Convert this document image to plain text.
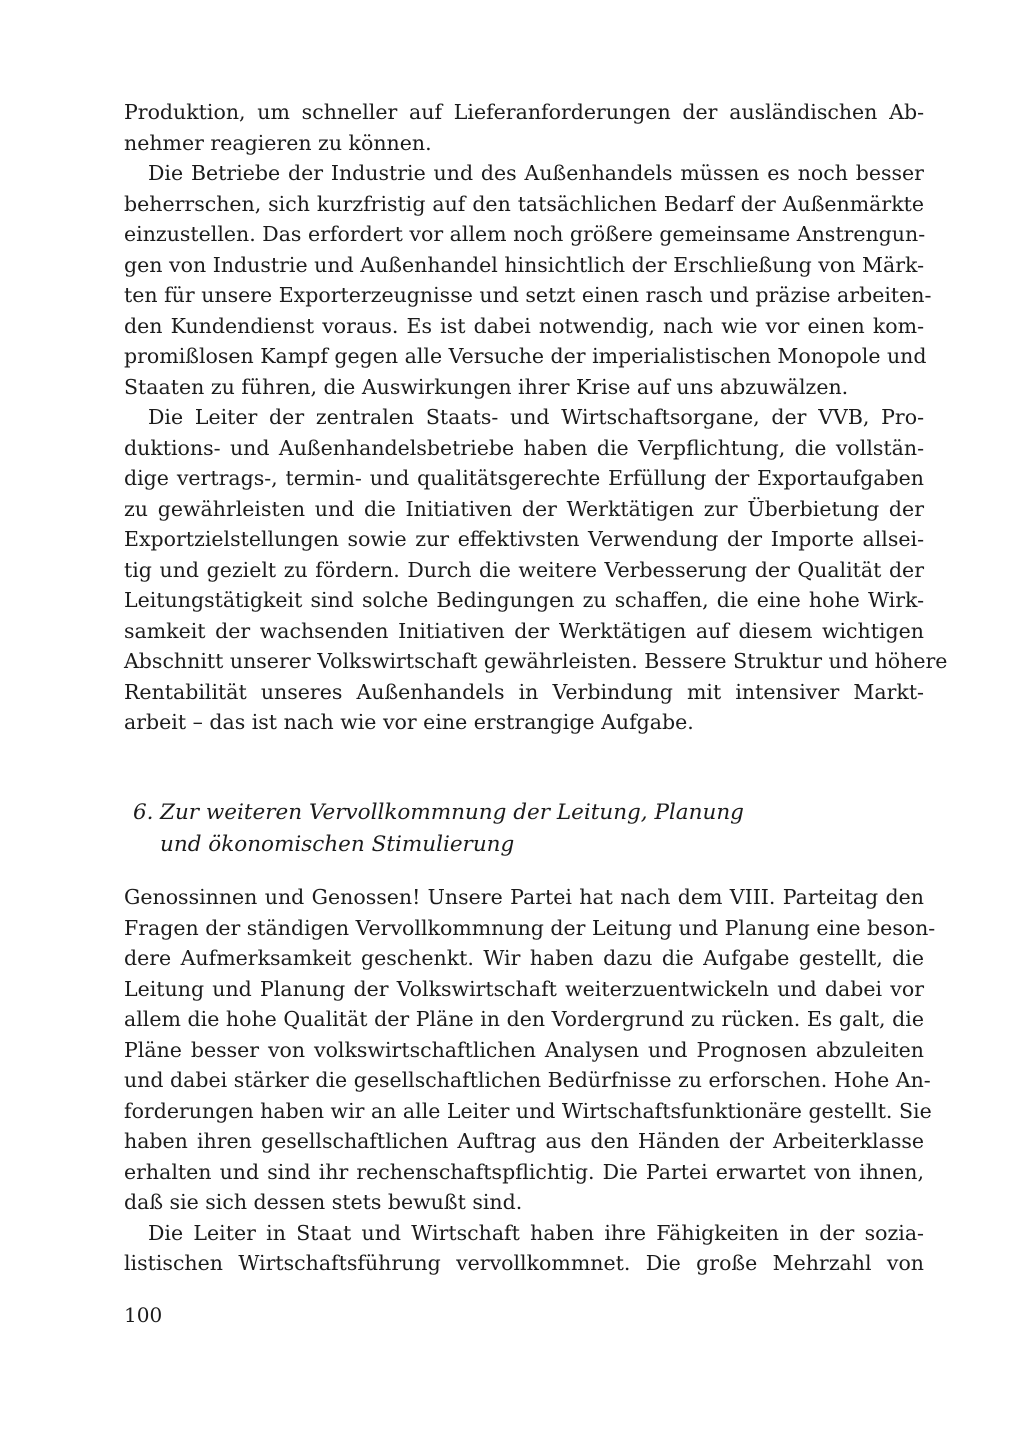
Produktion, um schneller auf Lieferanforderungen der ausländischen Ab-
nehmer reagieren zu können.
Die Betriebe der Industrie und des Außenhandels müssen es noch besser
beherrschen, sich kurzfristig auf den tatsächlichen Bedarf der Außenmärkte
einzustellen. Das erfordert vor allem noch größere gemeinsame Anstrengun-
gen von Industrie und Außenhandel hinsichtlich der Erschließung von Märk-
ten für unsere Exporterzeugnisse und setzt einen rasch und präzise arbeiten-
den Kundendienst voraus. Es ist dabei notwendig, nach wie vor einen kom-
promißlosen Kampf gegen alle Versuche der imperialistischen Monopole und
Staaten zu führen, die Auswirkungen ihrer Krise auf uns abzuwälzen.
Die Leiter der zentralen Staats- und Wirtschaftsorgane, der VVB, Pro-
duktions- und Außenhandelsbetriebe haben die Verpflichtung, die vollstän-
dige vertrags-, termin- und qualitätsgerechte Erfüllung der Exportaufgaben
zu gewährleisten und die Initiativen der Werktätigen zur Überbietung der
Exportzielstellungen sowie zur effektivsten Verwendung der Importe allsei-
tig und gezielt zu fördern. Durch die weitere Verbesserung der Qualität der
Leitungstätigkeit sind solche Bedingungen zu schaffen, die eine hohe Wirk-
samkeit der wachsenden Initiativen der Werktätigen auf diesem wichtigen
Abschnitt unserer Volkswirtschaft gewährleisten. Bessere Struktur und höhere
Rentabilität unseres Außenhandels in Verbindung mit intensiver Markt-
arbeit – das ist nach wie vor eine erstrangige Aufgabe.
6. Zur weiteren Vervollkommnung der Leitung, Planung
und ökonomischen Stimulierung
Genossinnen und Genossen! Unsere Partei hat nach dem VIII. Parteitag den
Fragen der ständigen Vervollkommnung der Leitung und Planung eine beson-
dere Aufmerksamkeit geschenkt. Wir haben dazu die Aufgabe gestellt, die
Leitung und Planung der Volkswirtschaft weiterzuentwickeln und dabei vor
allem die hohe Qualität der Pläne in den Vordergrund zu rücken. Es galt, die
Pläne besser von volkswirtschaftlichen Analysen und Prognosen abzuleiten
und dabei stärker die gesellschaftlichen Bedürfnisse zu erforschen. Hohe An-
forderungen haben wir an alle Leiter und Wirtschaftsfunktionäre gestellt. Sie
haben ihren gesellschaftlichen Auftrag aus den Händen der Arbeiterklasse
erhalten und sind ihr rechenschaftspflichtig. Die Partei erwartet von ihnen,
daß sie sich dessen stets bewußt sind.
Die Leiter in Staat und Wirtschaft haben ihre Fähigkeiten in der sozia-
listischen Wirtschaftsführung vervollkommnet. Die große Mehrzahl von
100
